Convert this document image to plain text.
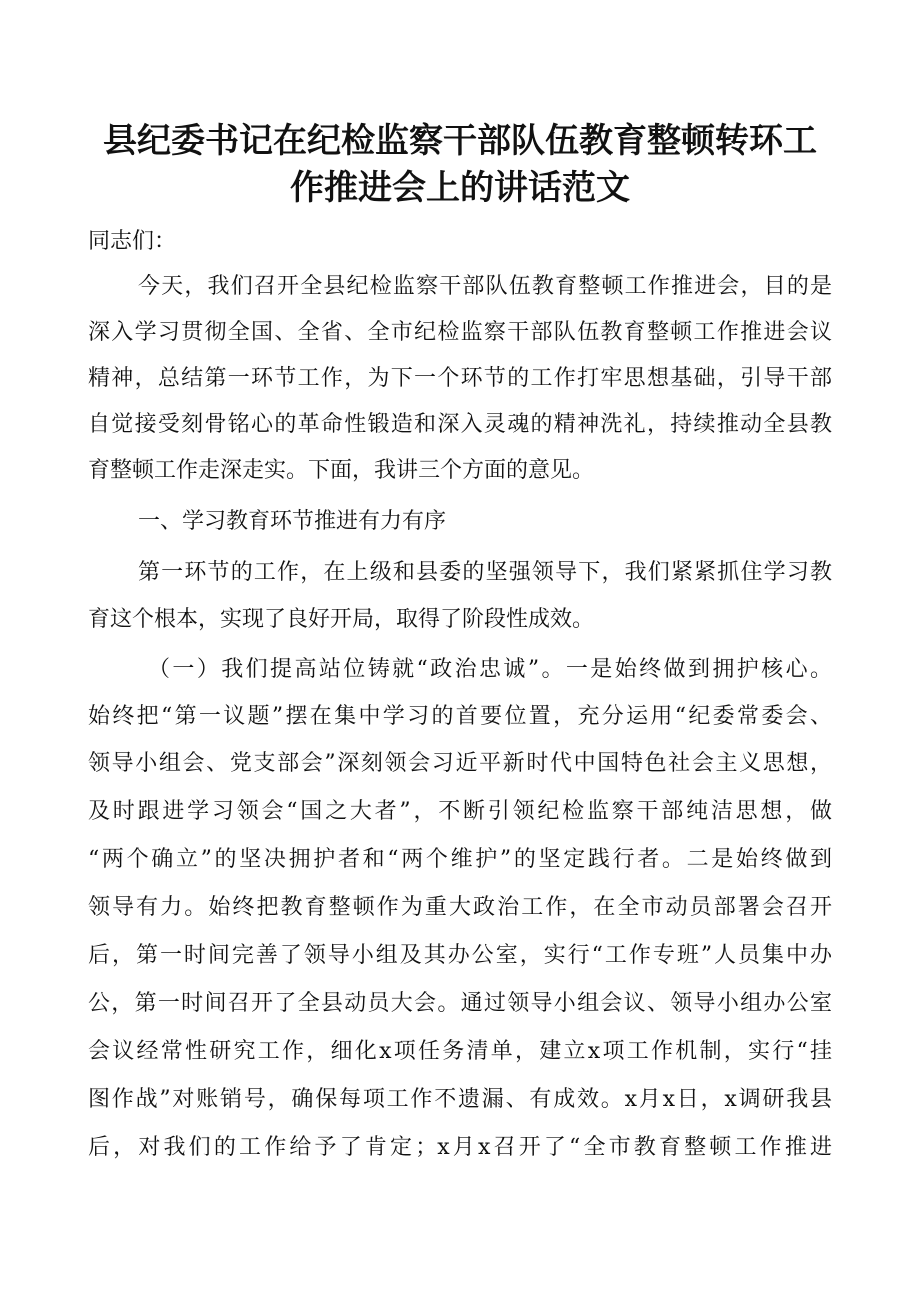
县纪委书记在纪检监察干部队伍教育整顿转环工
作推进会上的讲话范文
同志们：
今天，我们召开全县纪检监察干部队伍教育整顿工作推进会，目的是
深入学习贯彻全国、全省、全市纪检监察干部队伍教育整顿工作推进会议
精神，总结第一环节工作，为下一个环节的工作打牢思想基础，引导干部
自觉接受刻骨铭心的革命性锻造和深入灵魂的精神洗礼，持续推动全县教
育整顿工作走深走实。下面，我讲三个方面的意见。
一、学习教育环节推进有力有序
第一环节的工作，在上级和县委的坚强领导下，我们紧紧抓住学习教
育这个根本，实现了良好开局，取得了阶段性成效。
（一）我们提高站位铸就“政治忠诚”。一是始终做到拥护核心。
始终把“第一议题”摆在集中学习的首要位置，充分运用“纪委常委会、
领导小组会、党支部会”深刻领会习近平新时代中国特色社会主义思想，
及时跟进学习领会“国之大者”，不断引领纪检监察干部纯洁思想，做
“两个确立”的坚决拥护者和“两个维护”的坚定践行者。二是始终做到
领导有力。始终把教育整顿作为重大政治工作，在全市动员部署会召开
后，第一时间完善了领导小组及其办公室，实行“工作专班”人员集中办
公，第一时间召开了全县动员大会。通过领导小组会议、领导小组办公室
会议经常性研究工作，细化x项任务清单，建立x项工作机制，实行“挂
图作战”对账销号，确保每项工作不遗漏、有成效。x月x日，x调研我县
后，对我们的工作给予了肯定；x月x召开了“全市教育整顿工作推进
